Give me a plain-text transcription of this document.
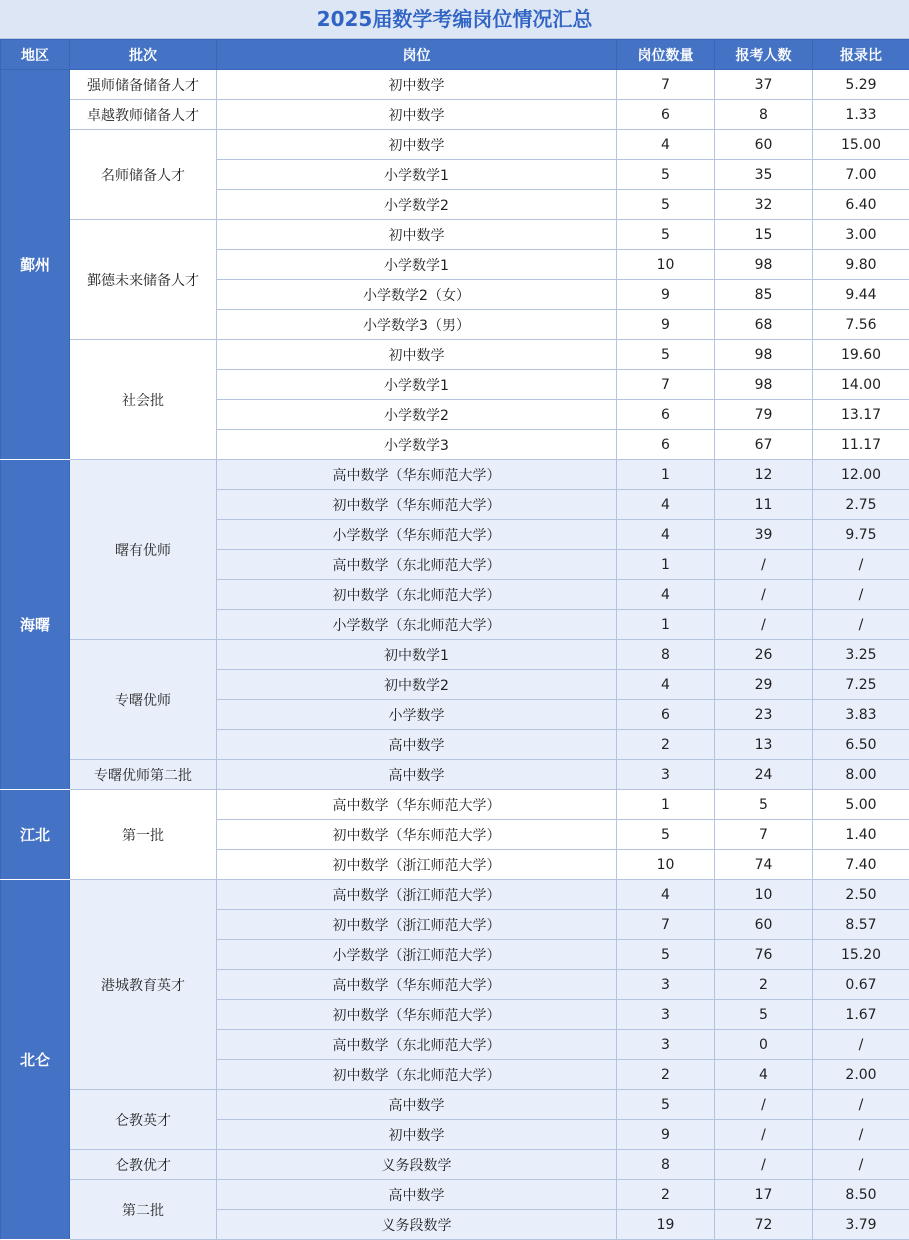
2025届数学考编岗位情况汇总
地区	批次	岗位	岗位数量	报考人数	报录比
鄞州	强师储备储备人才	初中数学	7	37	5.29
	卓越教师储备人才	初中数学	6	8	1.33
	名师储备人才	初中数学	4	60	15.00
		小学数学1	5	35	7.00
		小学数学2	5	32	6.40
	鄞德未来储备人才	初中数学	5	15	3.00
		小学数学1	10	98	9.80
		小学数学2（女）	9	85	9.44
		小学数学3（男）	9	68	7.56
	社会批	初中数学	5	98	19.60
		小学数学1	7	98	14.00
		小学数学2	6	79	13.17
		小学数学3	6	67	11.17
海曙	曙有优师	高中数学（华东师范大学）	1	12	12.00
		初中数学（华东师范大学）	4	11	2.75
		小学数学（华东师范大学）	4	39	9.75
		高中数学（东北师范大学）	1	/	/
		初中数学（东北师范大学）	4	/	/
		小学数学（东北师范大学）	1	/	/
	专曙优师	初中数学1	8	26	3.25
		初中数学2	4	29	7.25
		小学数学	6	23	3.83
		高中数学	2	13	6.50
	专曙优师第二批	高中数学	3	24	8.00
江北	第一批	高中数学（华东师范大学）	1	5	5.00
		初中数学（华东师范大学）	5	7	1.40
		初中数学（浙江师范大学）	10	74	7.40
北仑	港城教育英才	高中数学（浙江师范大学）	4	10	2.50
		初中数学（浙江师范大学）	7	60	8.57
		小学数学（浙江师范大学）	5	76	15.20
		高中数学（华东师范大学）	3	2	0.67
		初中数学（华东师范大学）	3	5	1.67
		高中数学（东北师范大学）	3	0	/
		初中数学（东北师范大学）	2	4	2.00
	仑教英才	高中数学	5	/	/
		初中数学	9	/	/
	仑教优才	义务段数学	8	/	/
	第二批	高中数学	2	17	8.50
		义务段数学	19	72	3.79
